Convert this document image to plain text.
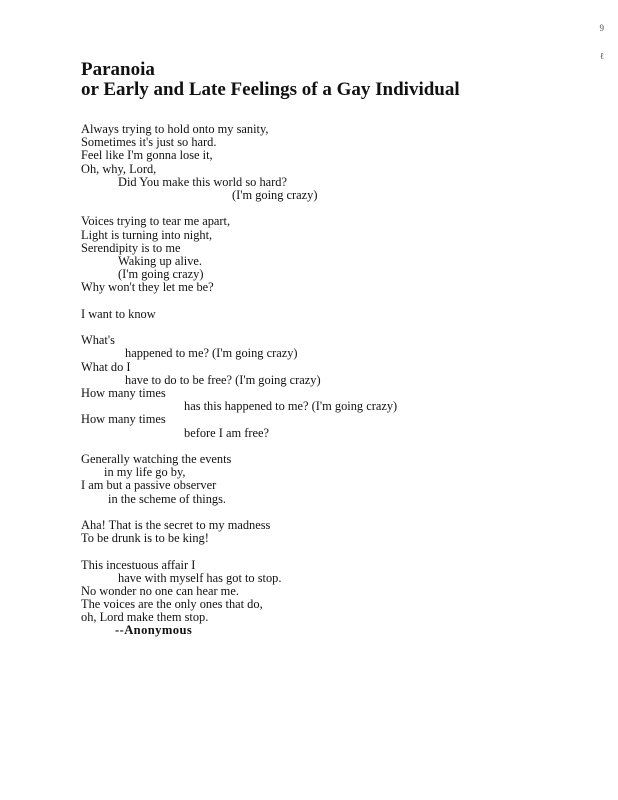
9
ℓ
Paranoia
or Early and Late Feelings of a Gay Individual
Always trying to hold onto my sanity,
Sometimes it's just so hard.
Feel like I'm gonna lose it,
Oh, why, Lord,
Did You make this world so hard?
(I'm going crazy)
Voices trying to tear me apart,
Light is turning into night,
Serendipity is to me
Waking up alive.
(I'm going crazy)
Why won't they let me be?
I want to know
What's
happened to me? (I'm going crazy)
What do I
have to do to be free? (I'm going crazy)
How many times
has this happened to me? (I'm going crazy)
How many times
before I am free?
Generally watching the events
in my life go by,
I am but a passive observer
in the scheme of things.
Aha! That is the secret to my madness
To be drunk is to be king!
This incestuous affair I
have with myself has got to stop.
No wonder no one can hear me.
The voices are the only ones that do,
oh, Lord make them stop.
--Anonymous
